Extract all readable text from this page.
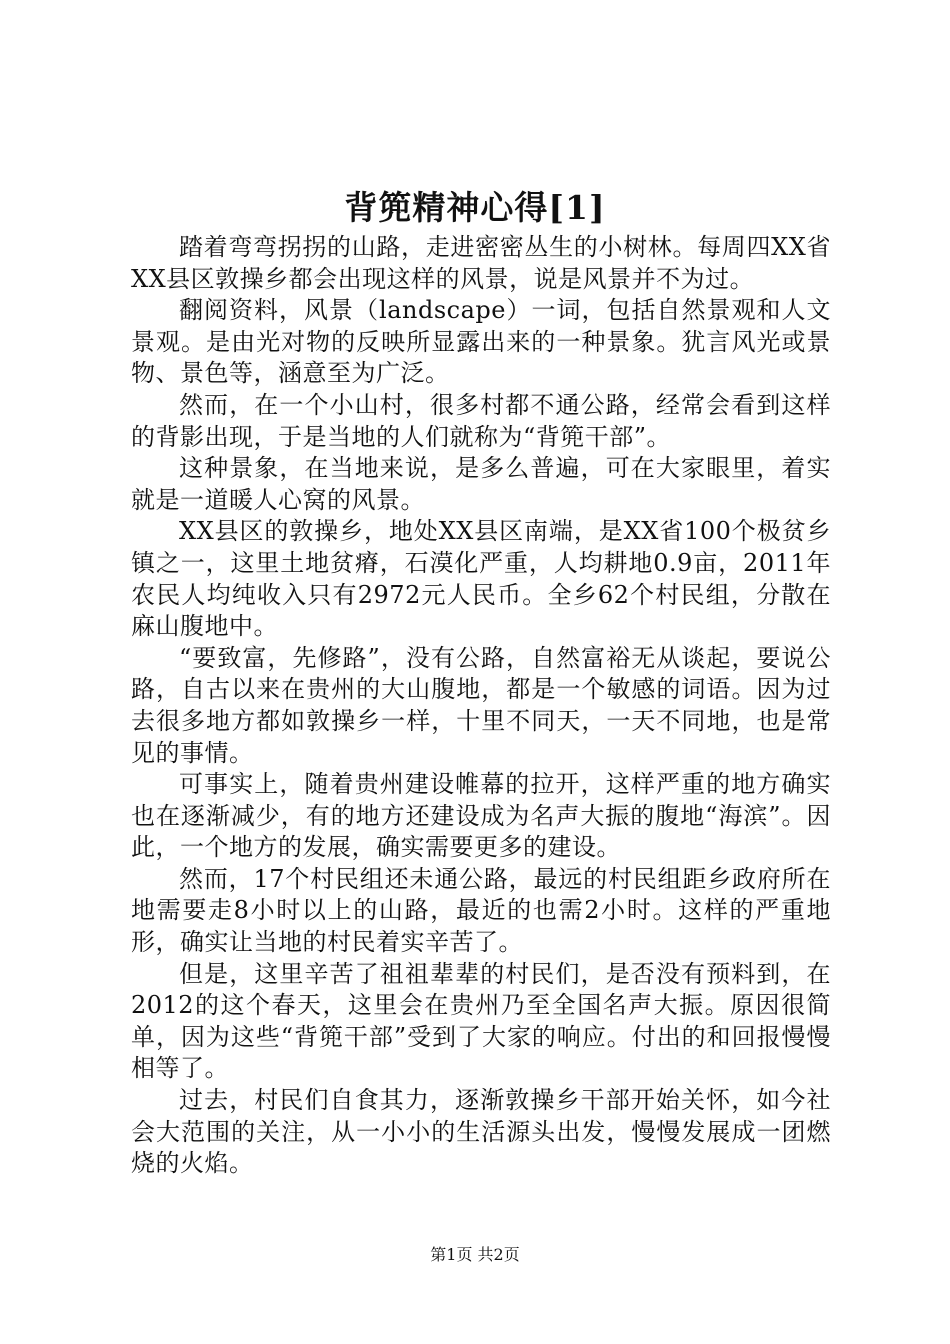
背篼精神心得[1]

踏着弯弯拐拐的山路，走进密密丛生的小树林。每周四XX省XX县区敦操乡都会出现这样的风景，说是风景并不为过。

翻阅资料，风景（landscape）一词，包括自然景观和人文景观。是由光对物的反映所显露出来的一种景象。犹言风光或景物、景色等，涵意至为广泛。

然而，在一个小山村，很多村都不通公路，经常会看到这样的背影出现，于是当地的人们就称为“背篼干部”。

这种景象，在当地来说，是多么普遍，可在大家眼里，着实就是一道暖人心窝的风景。

XX县区的敦操乡，地处XX县区南端，是XX省100个极贫乡镇之一，这里土地贫瘠，石漠化严重，人均耕地0.9亩，2011年农民人均纯收入只有2972元人民币。全乡62个村民组，分散在麻山腹地中。

“要致富，先修路”，没有公路，自然富裕无从谈起，要说公路，自古以来在贵州的大山腹地，都是一个敏感的词语。因为过去很多地方都如敦操乡一样，十里不同天，一天不同地，也是常见的事情。

可事实上，随着贵州建设帷幕的拉开，这样严重的地方确实也在逐渐减少，有的地方还建设成为名声大振的腹地“海滨”。因此，一个地方的发展，确实需要更多的建设。

然而，17个村民组还未通公路，最远的村民组距乡政府所在地需要走8小时以上的山路，最近的也需2小时。这样的严重地形，确实让当地的村民着实辛苦了。

但是，这里辛苦了祖祖辈辈的村民们，是否没有预料到，在2012的这个春天，这里会在贵州乃至全国名声大振。原因很简单，因为这些“背篼干部”受到了大家的响应。付出的和回报慢慢相等了。

过去，村民们自食其力，逐渐敦操乡干部开始关怀，如今社会大范围的关注，从一小小的生活源头出发，慢慢发展成一团燃烧的火焰。

第1页 共2页
